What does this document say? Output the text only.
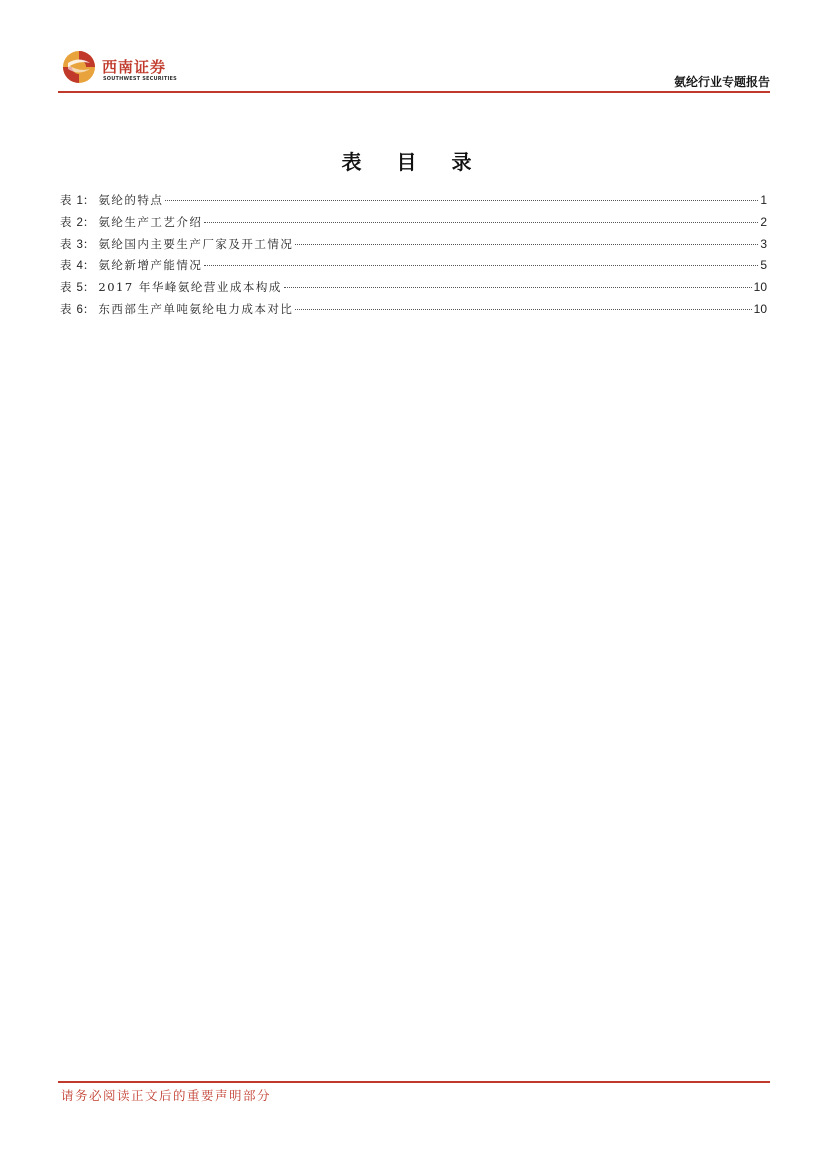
西南证券
SOUTHWEST SECURITIES	氨纶行业专题报告
表 目 录
表 1： 氨纶的特点	1
表 2： 氨纶生产工艺介绍	2
表 3： 氨纶国内主要生产厂家及开工情况	3
表 4： 氨纶新增产能情况	5
表 5： 2017 年华峰氨纶营业成本构成	10
表 6： 东西部生产单吨氨纶电力成本对比	10
请务必阅读正文后的重要声明部分
